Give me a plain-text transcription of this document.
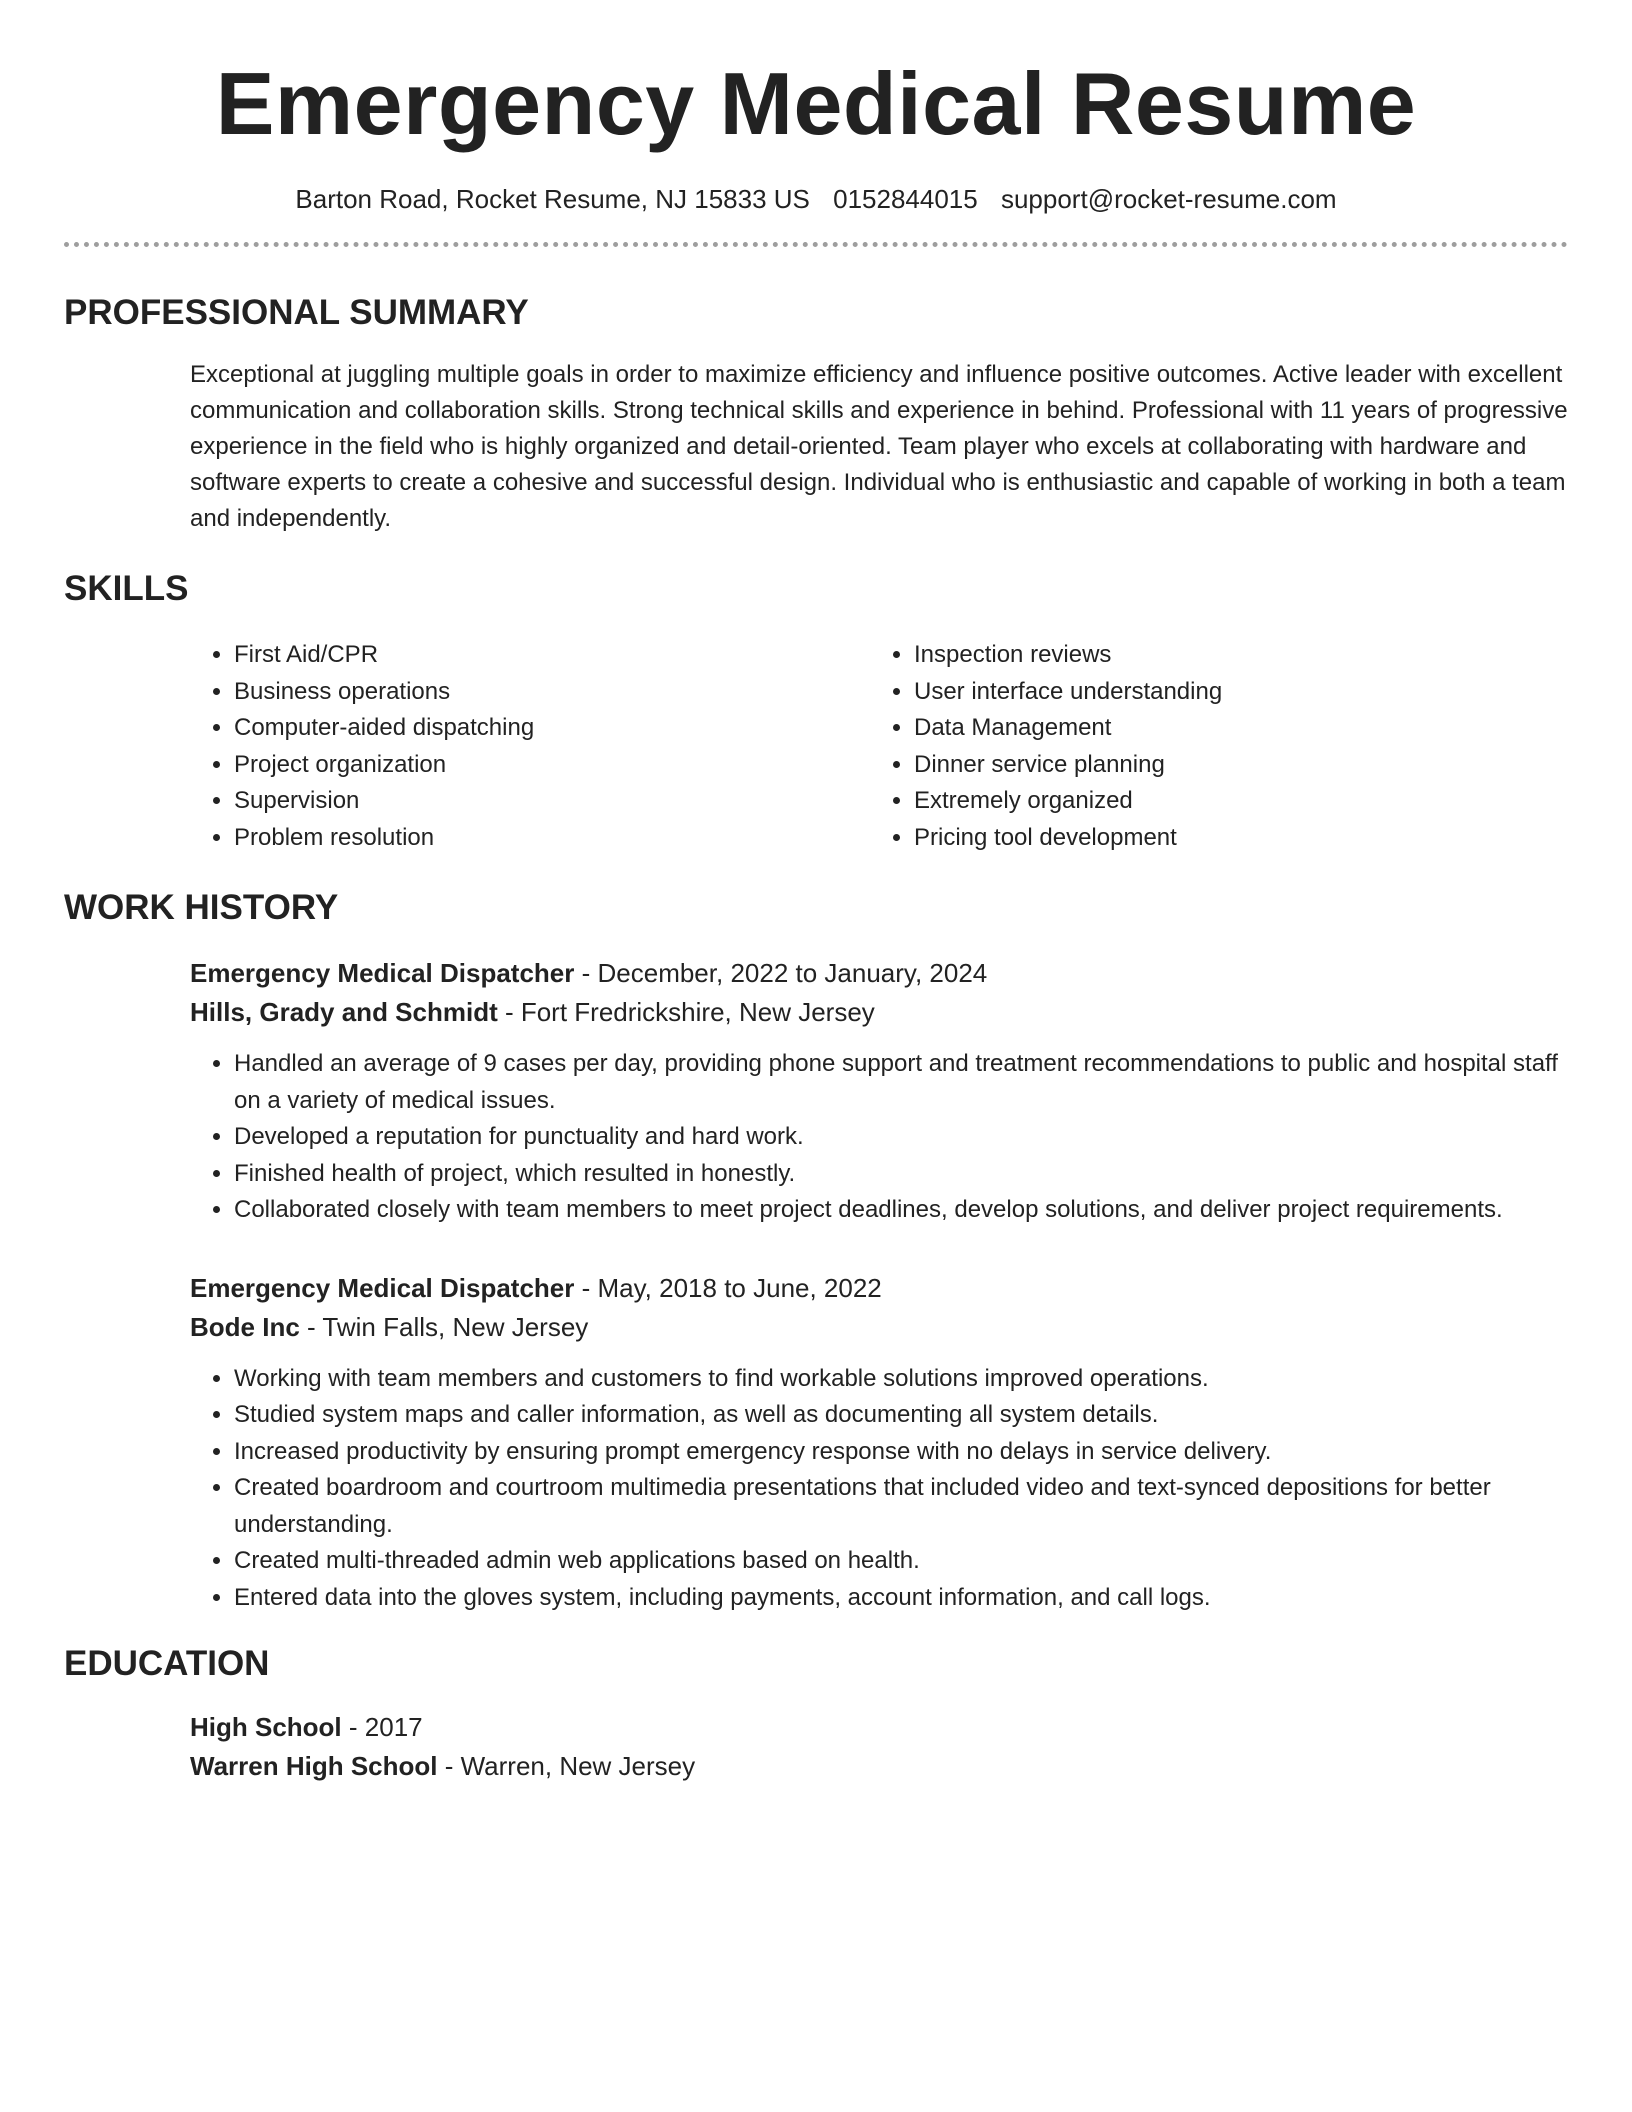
Emergency Medical Resume
Barton Road, Rocket Resume, NJ 15833 US 0152844015 support@rocket-resume.com
PROFESSIONAL SUMMARY

Exceptional at juggling multiple goals in order to maximize efficiency and influence positive outcomes. Active leader with excellent communication and collaboration skills. Strong technical skills and experience in behind. Professional with 11 years of progressive experience in the field who is highly organized and detail-oriented. Team player who excels at collaborating with hardware and software experts to create a cohesive and successful design. Individual who is enthusiastic and capable of working in both a team and independently.

SKILLS
• First Aid/CPR
• Business operations
• Computer-aided dispatching
• Project organization
• Supervision
• Problem resolution
• Inspection reviews
• User interface understanding
• Data Management
• Dinner service planning
• Extremely organized
• Pricing tool development
WORK HISTORY
Emergency Medical Dispatcher - December, 2022 to January, 2024
Hills, Grady and Schmidt - Fort Fredrickshire, New Jersey
• Handled an average of 9 cases per day, providing phone support and treatment recommendations to public and hospital staff on a variety of medical issues.
• Developed a reputation for punctuality and hard work.
• Finished health of project, which resulted in honestly.
• Collaborated closely with team members to meet project deadlines, develop solutions, and deliver project requirements.
Emergency Medical Dispatcher - May, 2018 to June, 2022
Bode Inc - Twin Falls, New Jersey
• Working with team members and customers to find workable solutions improved operations.
• Studied system maps and caller information, as well as documenting all system details.
• Increased productivity by ensuring prompt emergency response with no delays in service delivery.
• Created boardroom and courtroom multimedia presentations that included video and text-synced depositions for better understanding.
• Created multi-threaded admin web applications based on health.
• Entered data into the gloves system, including payments, account information, and call logs.
EDUCATION
High School - 2017
Warren High School - Warren, New Jersey
